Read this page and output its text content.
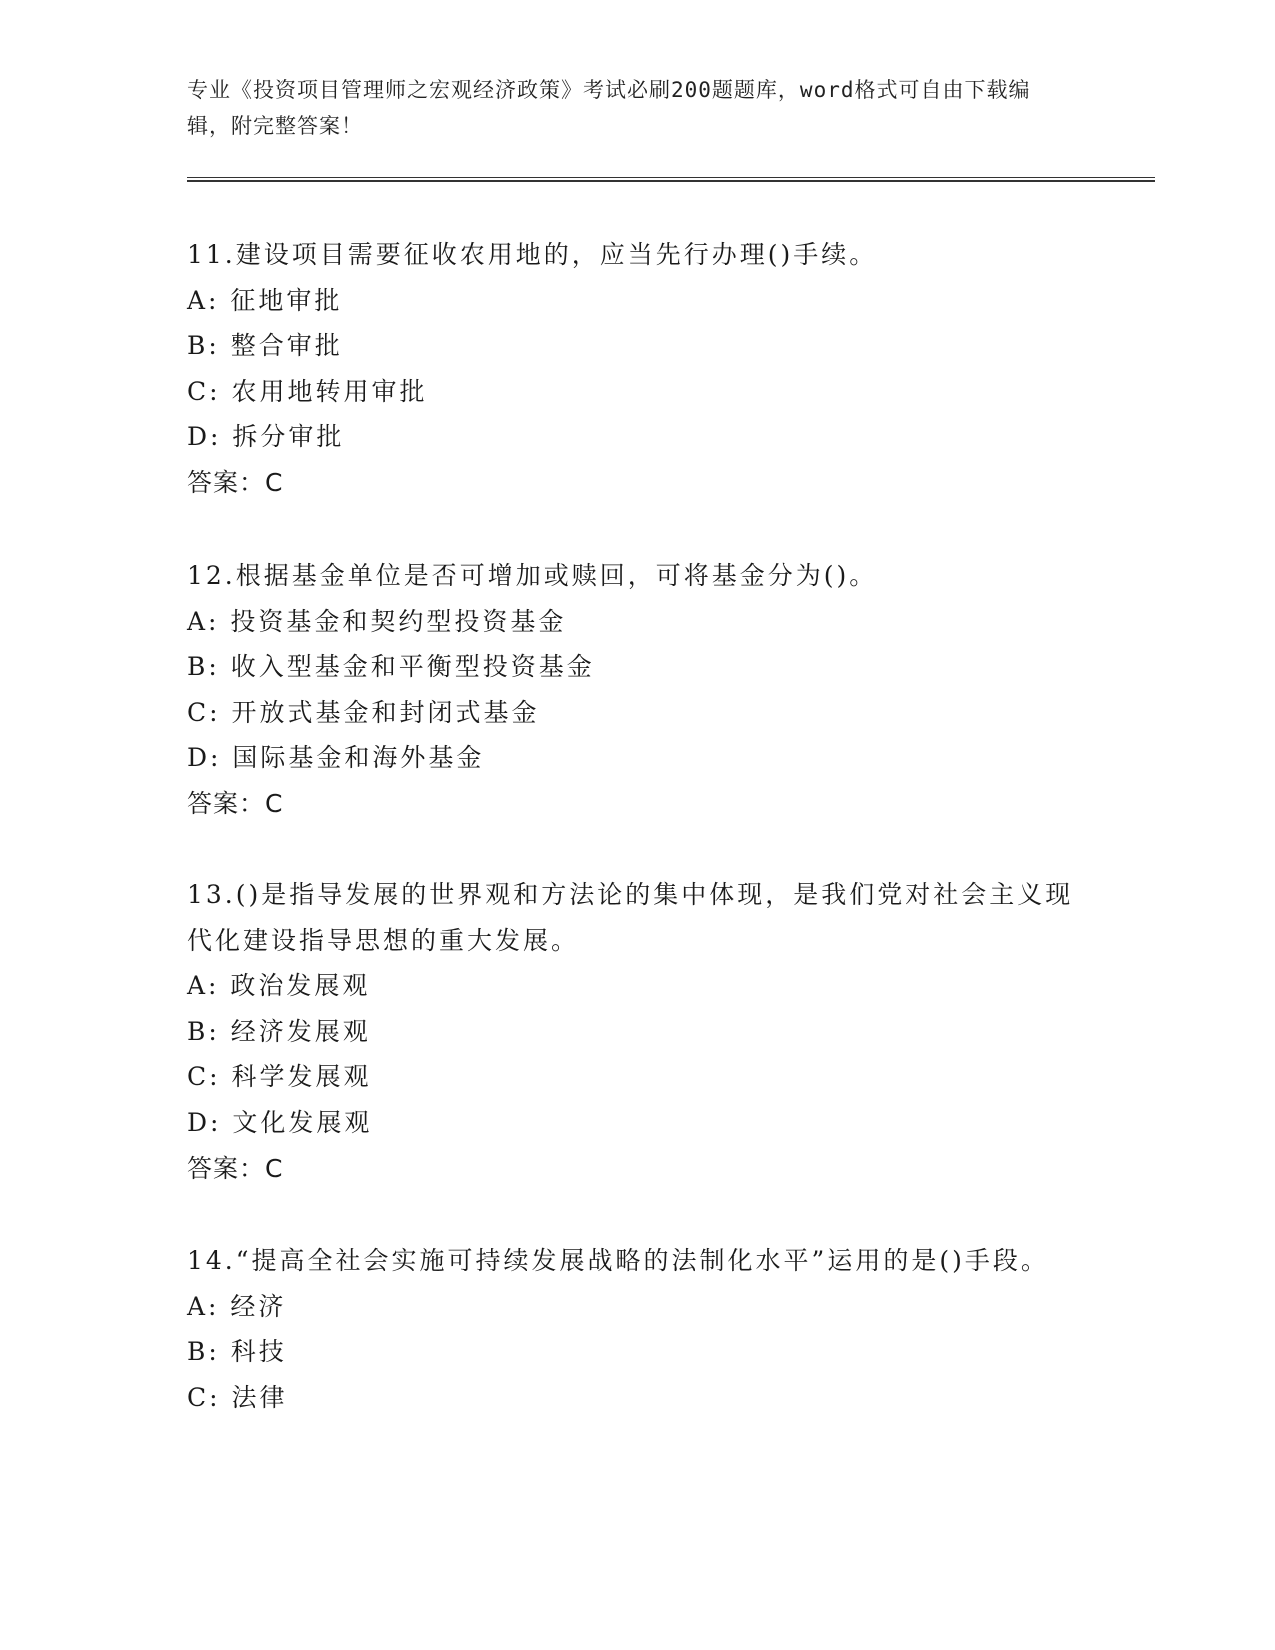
专业《投资项目管理师之宏观经济政策》考试必刷200题题库，word格式可自由下载编辑，附完整答案！
11.建设项目需要征收农用地的，应当先行办理()手续。
A: 征地审批
B: 整合审批
C: 农用地转用审批
D: 拆分审批
答案：C
12.根据基金单位是否可增加或赎回，可将基金分为()。
A: 投资基金和契约型投资基金
B: 收入型基金和平衡型投资基金
C: 开放式基金和封闭式基金
D: 国际基金和海外基金
答案：C
13.()是指导发展的世界观和方法论的集中体现，是我们党对社会主义现代化建设指导思想的重大发展。
A: 政治发展观
B: 经济发展观
C: 科学发展观
D: 文化发展观
答案：C
14.“提高全社会实施可持续发展战略的法制化水平”运用的是()手段。
A: 经济
B: 科技
C: 法律
